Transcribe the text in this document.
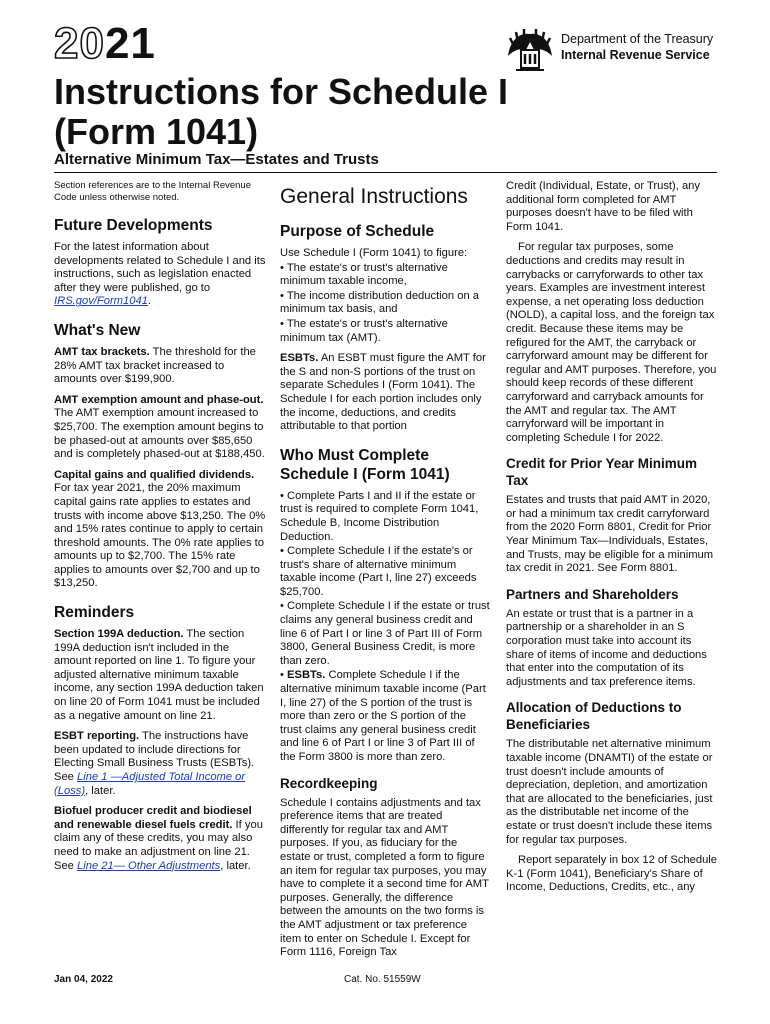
2021	Department of the Treasury
Internal Revenue Service
Instructions for Schedule I
(Form 1041)
Alternative Minimum Tax—Estates and Trusts

Section references are to the Internal Revenue Code unless otherwise noted.

Future Developments

For the latest information about developments related to Schedule I and its instructions, such as legislation enacted after they were published, go to IRS.gov/Form1041.

What's New

AMT tax brackets. The threshold for the 28% AMT tax bracket increased to amounts over $199,900.

AMT exemption amount and phase-out. The AMT exemption amount increased to $25,700. The exemption amount begins to be phased-out at amounts over $85,650 and is completely phased-out at $188,450.

Capital gains and qualified dividends. For tax year 2021, the 20% maximum capital gains rate applies to estates and trusts with income above $13,250. The 0% and 15% rates continue to apply to certain threshold amounts. The 0% rate applies to amounts up to $2,700. The 15% rate applies to amounts over $2,700 and up to $13,250.

Reminders

Section 199A deduction. The section 199A deduction isn't included in the amount reported on line 1. To figure your adjusted alternative minimum taxable income, any section 199A deduction taken on line 20 of Form 1041 must be included as a negative amount on line 21.

ESBT reporting. The instructions have been updated to include directions for Electing Small Business Trusts (ESBTs). See Line 1 —Adjusted Total Income or (Loss), later.

Biofuel producer credit and biodiesel and renewable diesel fuels credit. If you claim any of these credits, you may also need to make an adjustment on line 21. See Line 21— Other Adjustments, later.

General Instructions
Purpose of Schedule

Use Schedule I (Form 1041) to figure:

• The estate's or trust's alternative minimum taxable income,

• The income distribution deduction on a minimum tax basis, and

• The estate's or trust's alternative minimum tax (AMT).

ESBTs. An ESBT must figure the AMT for the S and non-S portions of the trust on separate Schedules I (Form 1041). The Schedule I for each portion includes only the income, deductions, and credits attributable to that portion

Who Must Complete Schedule I (Form 1041)

• Complete Parts I and II if the estate or trust is required to complete Form 1041, Schedule B, Income Distribution Deduction.

• Complete Schedule I if the estate's or trust's share of alternative minimum taxable income (Part I, line 27) exceeds $25,700.

• Complete Schedule I if the estate or trust claims any general business credit and line 6 of Part I or line 3 of Part III of Form 3800, General Business Credit, is more than zero.

• ESBTs. Complete Schedule I if the alternative minimum taxable income (Part I, line 27) of the S portion of the trust is more than zero or the S portion of the trust claims any general business credit and line 6 of Part I or line 3 of Part III of the Form 3800 is more than zero.

Recordkeeping

Schedule I contains adjustments and tax preference items that are treated differently for regular tax and AMT purposes. If you, as fiduciary for the estate or trust, completed a form to figure an item for regular tax purposes, you may have to complete it a second time for AMT purposes. Generally, the difference between the amounts on the two forms is the AMT adjustment or tax preference item to enter on Schedule I. Except for Form 1116, Foreign Tax

Credit (Individual, Estate, or Trust), any additional form completed for AMT purposes doesn't have to be filed with Form 1041.

For regular tax purposes, some deductions and credits may result in carrybacks or carryforwards to other tax years. Examples are investment interest expense, a net operating loss deduction (NOLD), a capital loss, and the foreign tax credit. Because these items may be refigured for the AMT, the carryback or carryforward amount may be different for regular and AMT purposes. Therefore, you should keep records of these different carryforward and carryback amounts for the AMT and regular tax. The AMT carryforward will be important in completing Schedule I for 2022.

Credit for Prior Year Minimum Tax

Estates and trusts that paid AMT in 2020, or had a minimum tax credit carryforward from the 2020 Form 8801, Credit for Prior Year Minimum Tax—Individuals, Estates, and Trusts, may be eligible for a minimum tax credit in 2021. See Form 8801.

Partners and Shareholders

An estate or trust that is a partner in a partnership or a shareholder in an S corporation must take into account its share of items of income and deductions that enter into the computation of its adjustments and tax preference items.

Allocation of Deductions to Beneficiaries

The distributable net alternative minimum taxable income (DNAMTI) of the estate or trust doesn't include amounts of depreciation, depletion, and amortization that are allocated to the beneficiaries, just as the distributable net income of the estate or trust doesn't include these items for regular tax purposes.

Report separately in box 12 of Schedule K-1 (Form 1041), Beneficiary's Share of Income, Deductions, Credits, etc., any

Jan 04, 2022	Cat. No. 51559W
